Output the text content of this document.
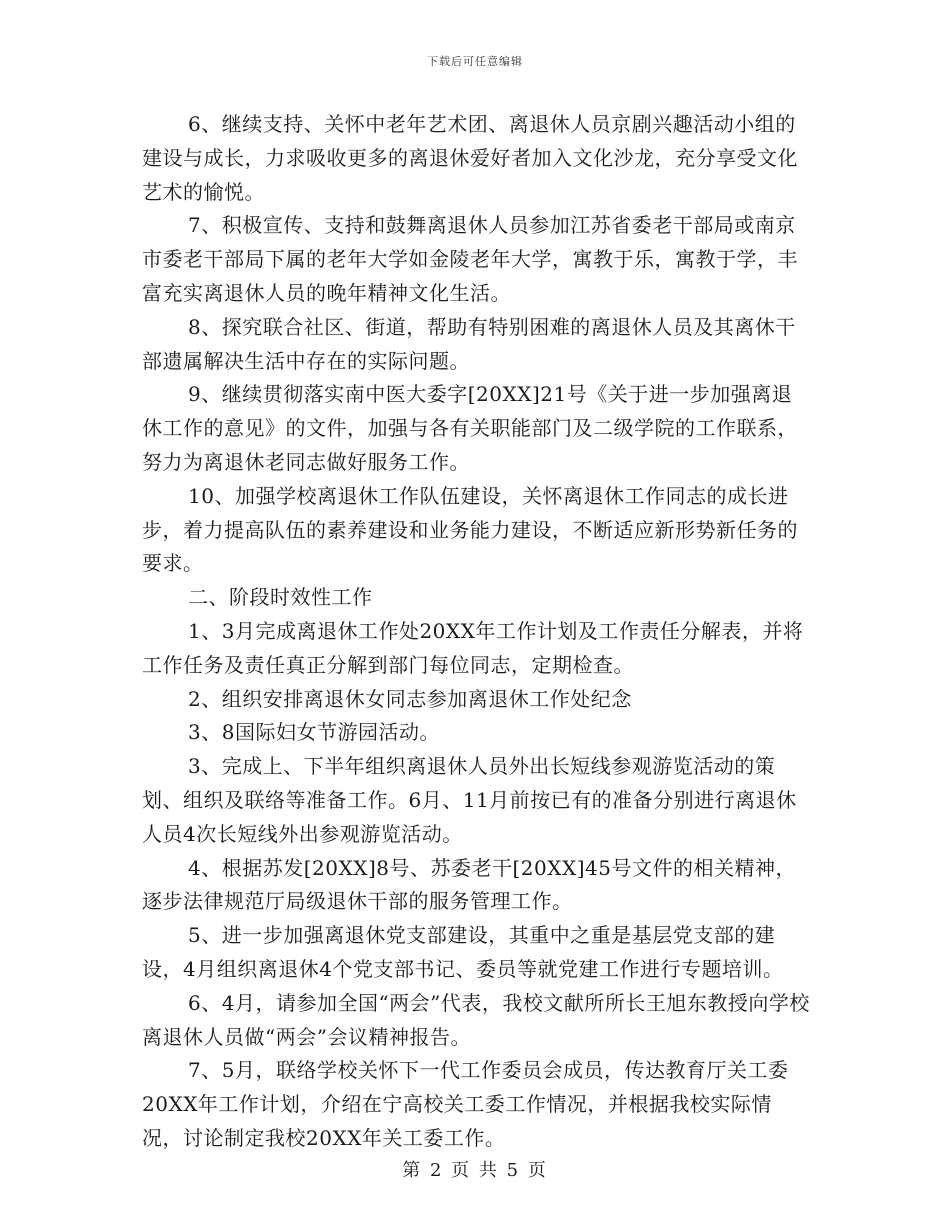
下载后可任意编辑

6、继续支持、关怀中老年艺术团、离退休人员京剧兴趣活动小组的建设与成长，力求吸收更多的离退休爱好者加入文化沙龙，充分享受文化艺术的愉悦。

7、积极宣传、支持和鼓舞离退休人员参加江苏省委老干部局或南京市委老干部局下属的老年大学如金陵老年大学，寓教于乐，寓教于学，丰富充实离退休人员的晚年精神文化生活。

8、探究联合社区、街道，帮助有特别困难的离退休人员及其离休干部遗属解决生活中存在的实际问题。

9、继续贯彻落实南中医大委字[20XX]21号《关于进一步加强离退休工作的意见》的文件，加强与各有关职能部门及二级学院的工作联系，努力为离退休老同志做好服务工作。

10、加强学校离退休工作队伍建设，关怀离退休工作同志的成长进步，着力提高队伍的素养建设和业务能力建设，不断适应新形势新任务的要求。

二、阶段时效性工作

1、3月完成离退休工作处20XX年工作计划及工作责任分解表，并将工作任务及责任真正分解到部门每位同志，定期检查。

2、组织安排离退休女同志参加离退休工作处纪念

3、8国际妇女节游园活动。

3、完成上、下半年组织离退休人员外出长短线参观游览活动的策划、组织及联络等准备工作。6月、11月前按已有的准备分别进行离退休人员4次长短线外出参观游览活动。

4、根据苏发[20XX]8号、苏委老干[20XX]45号文件的相关精神，逐步法律规范厅局级退休干部的服务管理工作。

5、进一步加强离退休党支部建设，其重中之重是基层党支部的建设，4月组织离退休4个党支部书记、委员等就党建工作进行专题培训。

6、4月，请参加全国“两会”代表，我校文献所所长王旭东教授向学校离退休人员做“两会”会议精神报告。

7、5月，联络学校关怀下一代工作委员会成员，传达教育厅关工委20XX年工作计划，介绍在宁高校关工委工作情况，并根据我校实际情况，讨论制定我校20XX年关工委工作。

第 2 页 共 5 页
